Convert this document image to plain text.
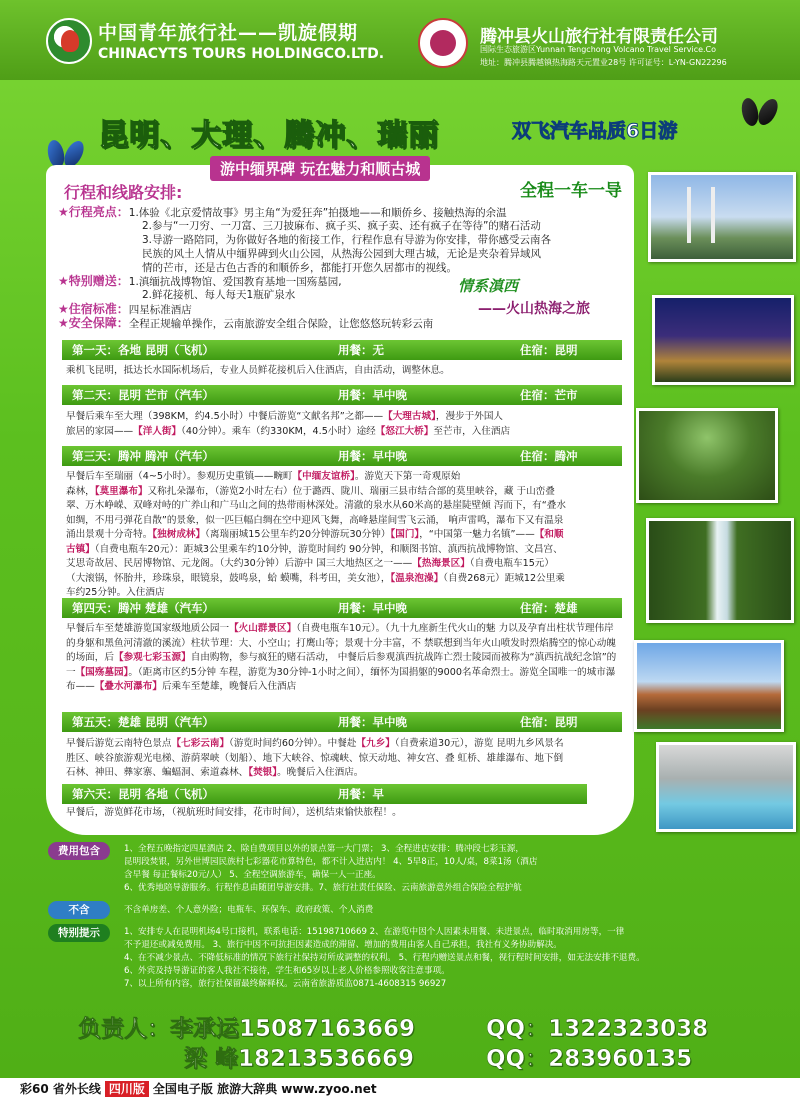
中国青年旅行社——凯旋假期
CHINACYTS TOURS HOLDINGCO.LTD.
腾冲县火山旅行社有限责任公司
国际生态旅游区Yunnan Tengchong Volcano Travel Service.Co
地址：腾冲县腾越镇热海路天元置业28号 许可证号：L-YN-GN22296
昆明、大理、腾冲、瑞丽	双飞汽车品质6日游
游中缅界碑 玩在魅力和顺古城
行程和线路安排:	全程一车一导
★行程亮点：1.体验《北京爱情故事》男主角“为爱狂奔”拍摄地——和顺侨乡、接触热海的余温
2.参与“一刀穷、一刀富、三刀披麻布、疯子买、疯子卖、还有疯子在等待”的赌石活动
3.导游一路陪同，为你做好各地的衔接工作，行程作息有导游为你安排，带你感受云南各
民族的风土人情从中缅界碑到火山公园，从热海公园到大理古城，无论是夹杂着异域风
情的芒市，还是古色古香的和顺侨乡，都能打开您久居都市的视线。
★特别赠送：1.滇缅抗战博物馆、爱国教育基地一国殇墓园,
2.鲜花接机、每人每天1瓶矿泉水
★住宿标准：四星标准酒店
★安全保障：全程正规输单操作，云南旅游安全组合保险，让您悠悠玩转彩云南
情系滇西
——火山热海之旅
第一天：各地 昆明（飞机）	用餐：无	住宿：昆明
乘机飞昆明，抵达长水国际机场后，专业人员鲜花接机后入住酒店，自由活动，调整休息。
第二天：昆明 芒市（汽车）	用餐：早中晚	住宿：芒市
早餐后乘车至大理（398KM，约4.5小时）中餐后游览“文献名邦”之都——【大理古城】，漫步于外国人
旅居的家园——【洋人街】（40分钟）。乘车（约330KM，4.5小时）途经【怒江大桥】至芒市，入住酒店
第三天：腾冲 腾冲（汽车）	用餐：早中晚	住宿：腾冲
早餐后车至瑞丽（4~5小时）。参观历史重镇——畹町【中缅友谊桥】。游览天下第一奇观原始
森林，【莫里瀑布】又称扎朵瀑布，（游览2小时左右）位于潞西、陇川、瑞丽三县市结合部的莫里峡谷，藏 于山峦叠翠、万木峥嵘、双峰对峙的广养山和广马山之间的热带雨林深处。清澈的泉水从60米高的悬崖陡壁倾 泻而下，有“叠水如绸，不用弓弹花自散”的景象，似一匹巨幅白绸在空中迎风飞舞，高峰悬崖间雪飞云涌， 响声雷鸣，瀑布下又有温泉涌出景观十分奇特。【独树成林】（离瑞丽城15公里车约20分钟游玩30分钟）【国门】，“中国第一魅力名镇”——【和顺古镇】（自费电瓶车20元）：距城3公里乘车约10分钟，游览时间约 90分钟，和顺图书馆、滇西抗战博物馆、文昌宫、艾思奇故居、民居博物馆、元龙阁。（大约30分钟）后游中 国三大地热区之一——【热海景区】（自费电瓶车15元）（大滚锅，怀胎井，珍珠泉，眼镜泉，鼓鸣泉，蛤 蟆嘴，科考田，美女池），【温泉泡澡】（自费268元）距城12公里乘车约25分钟。入住酒店
第四天：腾冲 楚雄（汽车）	用餐：早中晚	住宿：楚雄
早餐后车至楚雄游览国家级地质公园一【火山群景区】（自费电瓶车10元）。（九十九座新生代火山的魅 力以及孕育出柱状节理伟岸的身躯和黑鱼河清澈的溪流）柱状节理：大、小空山；打鹰山等；景观十分丰富，不 禁联想到当年火山喷发时烈焰腾空的惊心动魄的场面，后【参观七彩玉源】自由购物，参与疯狂的赌石活动， 中餐后后参观滇西抗战阵亡烈士陵园而被称为“滇西抗战纪念馆”的一【国殇墓园】。（距离市区约5分钟 车程，游览为30分钟-1小时之间），缅怀为国捐躯的9000名革命烈士。游览全国唯一的城市瀑布——【叠水河瀑布】后乘车至楚雄，晚餐后入住酒店
第五天：楚雄 昆明（汽车）	用餐：早中晚	住宿：昆明
早餐后游览云南特色景点【七彩云南】（游览时间约60分钟）。中餐赴【九乡】（自费索道30元），游览 昆明九乡风景名胜区、峡谷旅游观光电梯、游荫翠峡（划船）、地下大峡谷、惊魂峡、惊天动地、神女宫、叠 虹桥、雄雄瀑布、地下倒石林、神田、彝家寨、蝙蝠洞、索道森林、【焚银】。晚餐后入住酒店。
第六天：昆明 各地（飞机）	用餐：早
早餐后，游览鲜花市场，（视航班时间安排，花市时间），送机结束愉快旅程！。
费用包含	1、全程五晚指定四星酒店 2、除自费项目以外的景点第一大门票； 3、全程进店安排：腾冲段七彩玉源，
昆明段焚银，另外世博园民族村七彩器花市算特色，都不计入进店内！ 4、5早8正，10人/桌，8菜1汤（酒店
含早餐 每正餐标20元/人） 5、全程空调旅游车，确保一人一正座。
6、优秀地陪导游服务。行程作息由随团导游安排。7、旅行社责任保险、云南旅游意外组合保险全程护航
不含	不含单房差、个人意外险；电瓶车、环保车、政府政策、个人消费
特别提示	1、安排专人在昆明机场4号口接机，联系电话：15198710669 2、在游览中因个人因素未用餐、未进景点，临时取消用房等，一律
不予退还或减免费用。 3、旅行中因不可抗拒因素造成的滞留、增加的费用由客人自己承担，我社有义务协助解决。
4、在不减少景点、不降低标准的情况下旅行社保持对所成调整的权利。 5、行程内赠送景点和餐，视行程时间安排，如无法安排不退费。
6、外宾及持导游证的客人我社不接待，学生和65岁以上老人价格参照收客注意事项。
7、以上所有内容，旅行社保留最终解释权。云南省旅游质监0871-4608315 96927
负责人：李承运15087163669	QQ：1322323038
梁 峰18213536669	QQ：283960135
彩60 省外长线 四川版 全国电子版 旅游大辞典 www.zyoo.net
